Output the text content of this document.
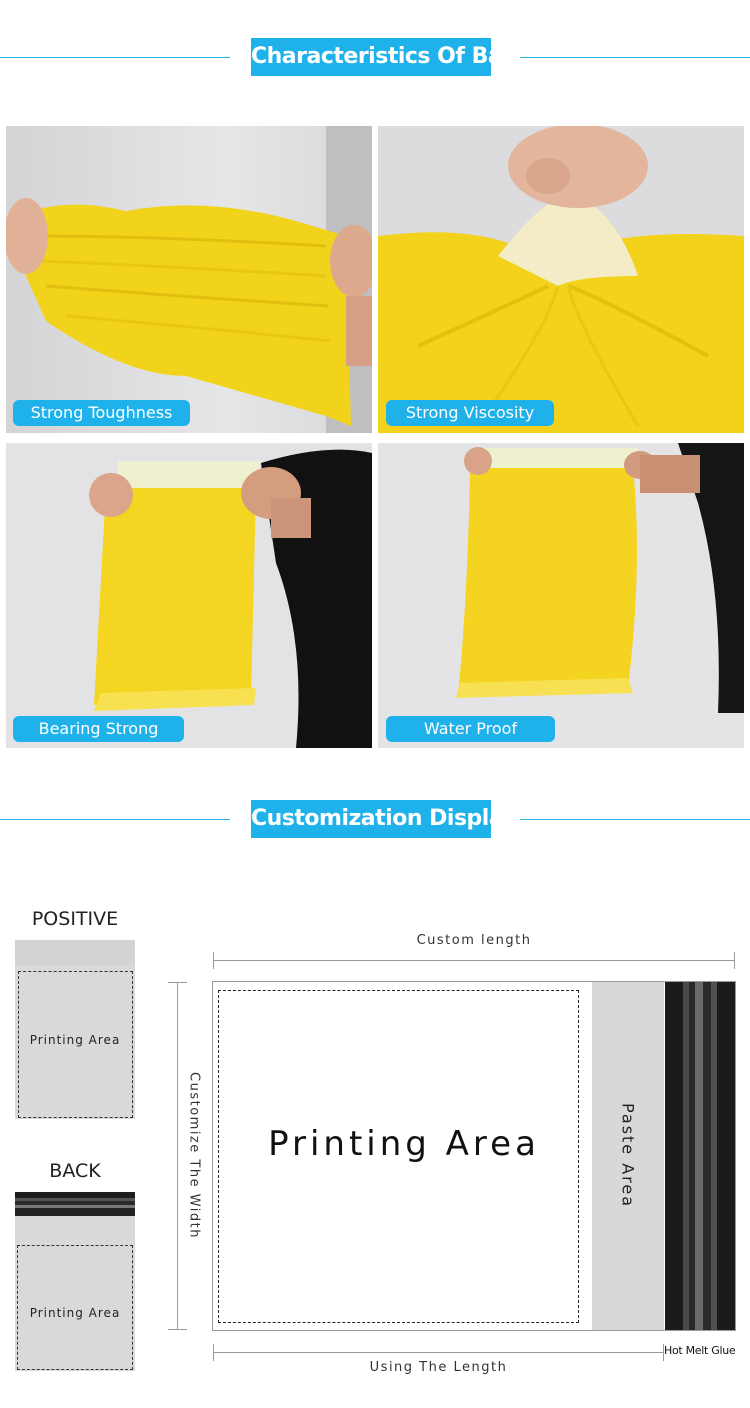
Characteristics Of Bag
Strong Toughness	Strong Viscosity
Bearing Strong	Water Proof
Customization Display
POSITIVE
Printing Area
BACK
Printing Area
Custom length
Customize The Width	Printing Area	Paste Area
Using The Length
Hot Melt Glue
